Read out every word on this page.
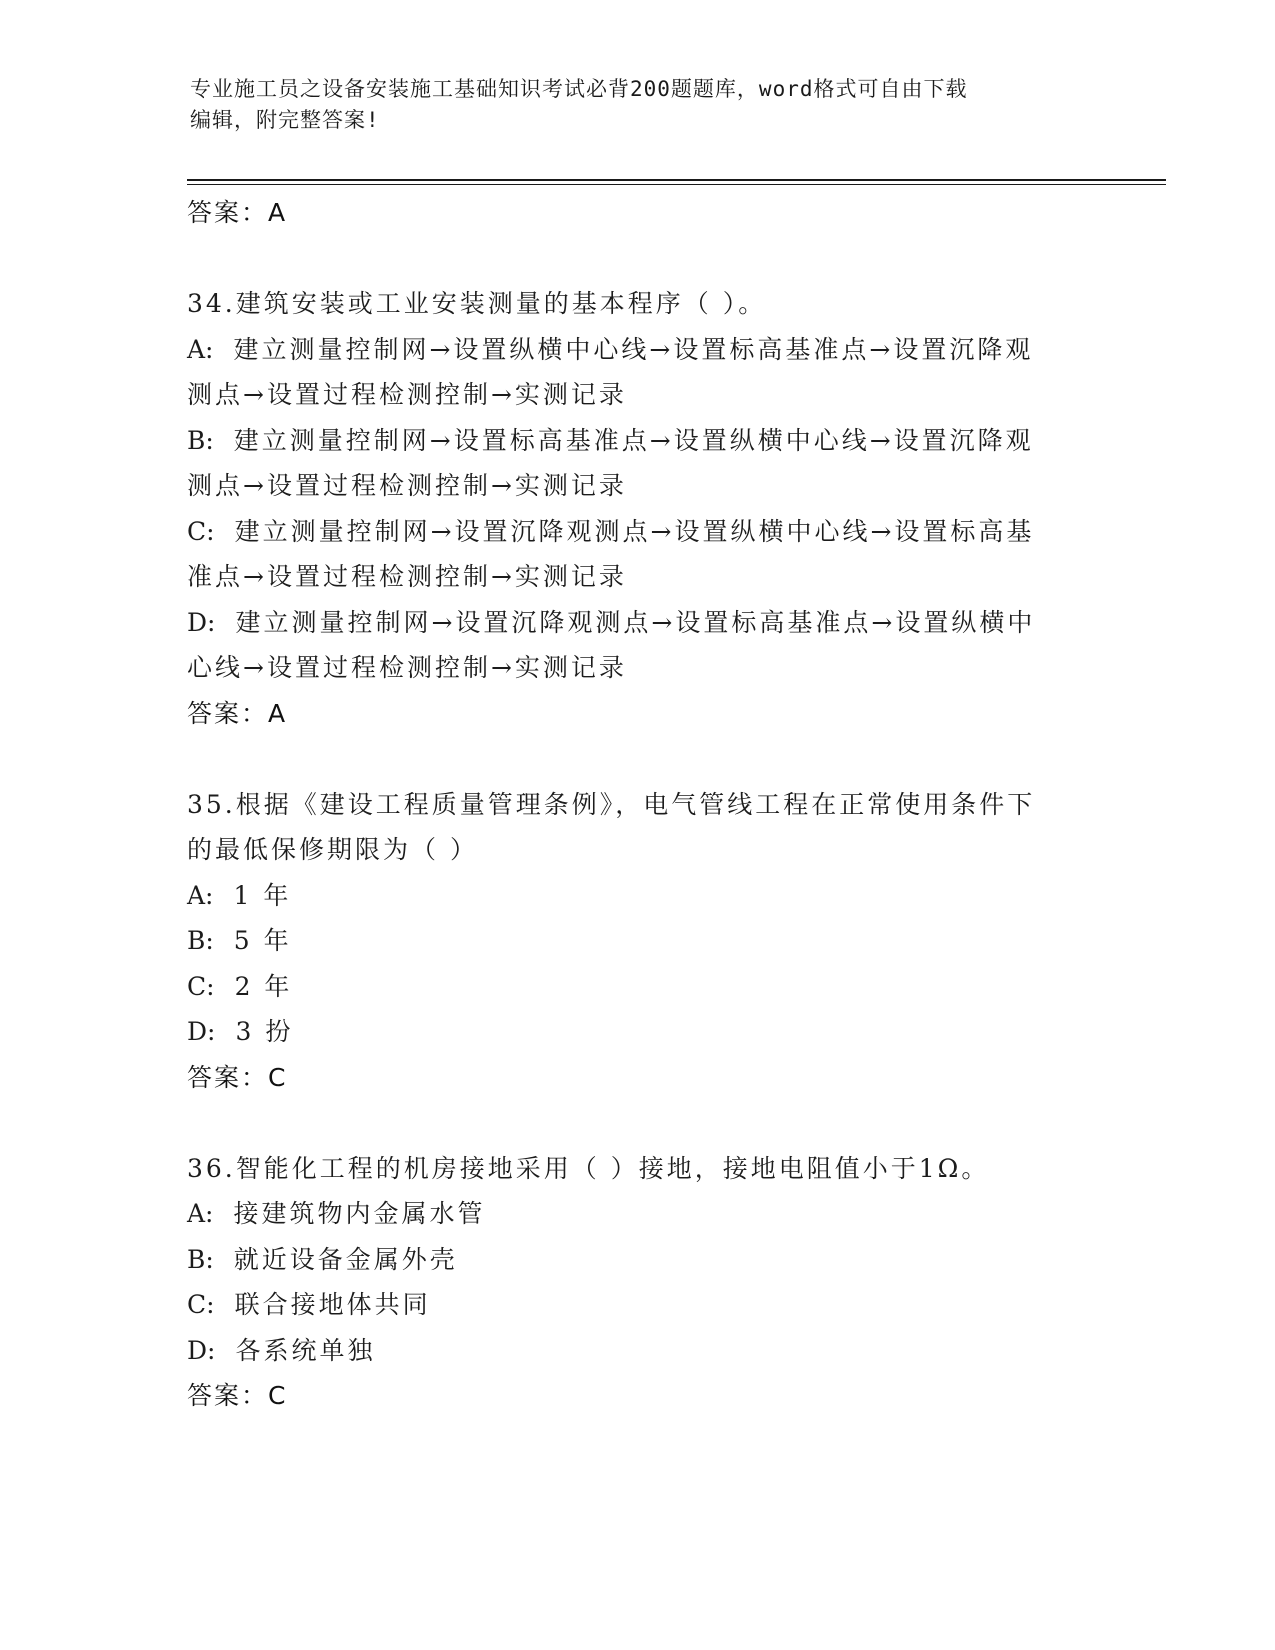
专业施工员之设备安装施工基础知识考试必背200题题库，word格式可自由下载
编辑，附完整答案!
答案：A
34.建筑安装或工业安装测量的基本程序（ ）。
A: 建立测量控制网→设置纵横中心线→设置标高基准点→设置沉降观
测点→设置过程检测控制→实测记录
B: 建立测量控制网→设置标高基准点→设置纵横中心线→设置沉降观
测点→设置过程检测控制→实测记录
C: 建立测量控制网→设置沉降观测点→设置纵横中心线→设置标高基
准点→设置过程检测控制→实测记录
D: 建立测量控制网→设置沉降观测点→设置标高基准点→设置纵横中
心线→设置过程检测控制→实测记录
答案：A
35.根据《建设工程质量管理条例》，电气管线工程在正常使用条件下
的最低保修期限为（ ）
A: 1 年
B: 5 年
C: 2 年
D: 3 扮
答案：C
36.智能化工程的机房接地采用（ ）接地，接地电阻值小于1Ω。
A: 接建筑物内金属水管
B: 就近设备金属外壳
C: 联合接地体共同
D: 各系统单独
答案：C
